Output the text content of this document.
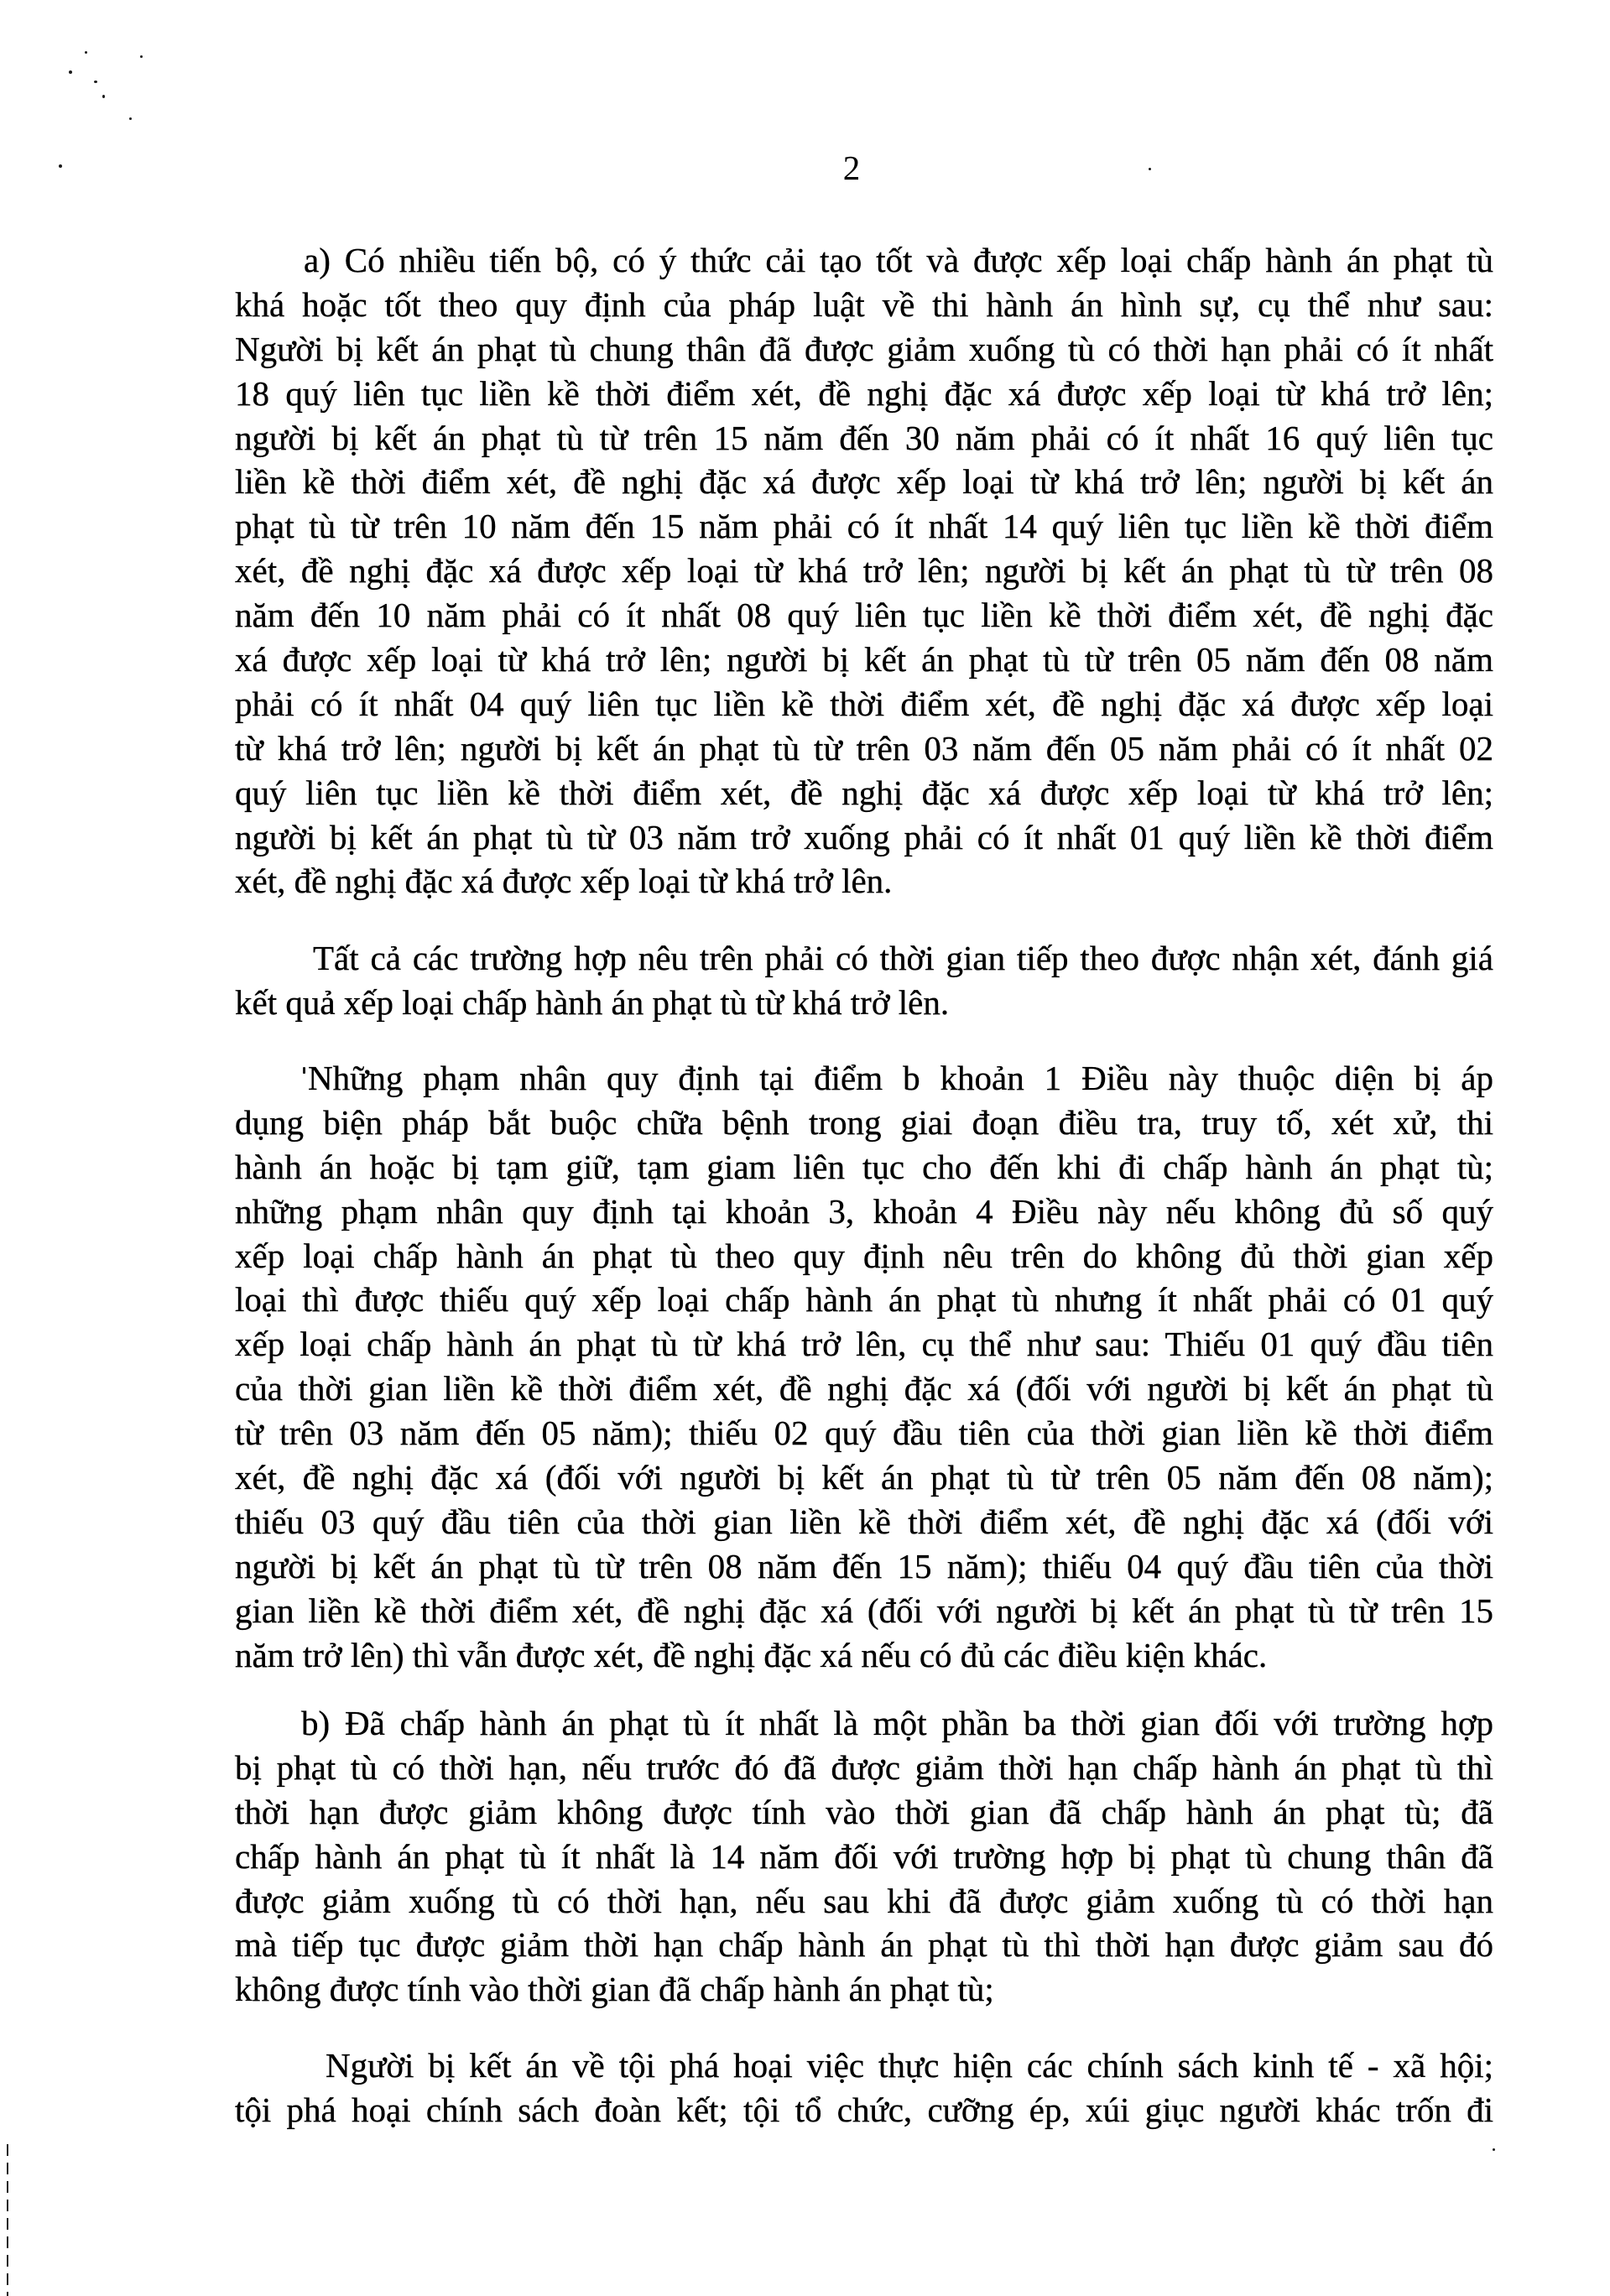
2
a) Có nhiều tiến bộ, có ý thức cải tạo tốt và được xếp loại chấp hành án phạt tù
khá hoặc tốt theo quy định của pháp luật về thi hành án hình sự, cụ thể như sau:
Người bị kết án phạt tù chung thân đã được giảm xuống tù có thời hạn phải có ít nhất
18 quý liên tục liền kề thời điểm xét, đề nghị đặc xá được xếp loại từ khá trở lên;
người bị kết án phạt tù từ trên 15 năm đến 30 năm phải có ít nhất 16 quý liên tục
liền kề thời điểm xét, đề nghị đặc xá được xếp loại từ khá trở lên; người bị kết án
phạt tù từ trên 10 năm đến 15 năm phải có ít nhất 14 quý liên tục liền kề thời điểm
xét, đề nghị đặc xá được xếp loại từ khá trở lên; người bị kết án phạt tù từ trên 08
năm đến 10 năm phải có ít nhất 08 quý liên tục liền kề thời điểm xét, đề nghị đặc
xá được xếp loại từ khá trở lên; người bị kết án phạt tù từ trên 05 năm đến 08 năm
phải có ít nhất 04 quý liên tục liền kề thời điểm xét, đề nghị đặc xá được xếp loại
từ khá trở lên; người bị kết án phạt tù từ trên 03 năm đến 05 năm phải có ít nhất 02
quý liên tục liền kề thời điểm xét, đề nghị đặc xá được xếp loại từ khá trở lên;
người bị kết án phạt tù từ 03 năm trở xuống phải có ít nhất 01 quý liền kề thời điểm
xét, đề nghị đặc xá được xếp loại từ khá trở lên.
Tất cả các trường hợp nêu trên phải có thời gian tiếp theo được nhận xét, đánh giá
kết quả xếp loại chấp hành án phạt tù từ khá trở lên.
Những phạm nhân quy định tại điểm b khoản 1 Điều này thuộc diện bị áp
dụng biện pháp bắt buộc chữa bệnh trong giai đoạn điều tra, truy tố, xét xử, thi
hành án hoặc bị tạm giữ, tạm giam liên tục cho đến khi đi chấp hành án phạt tù;
những phạm nhân quy định tại khoản 3, khoản 4 Điều này nếu không đủ số quý
xếp loại chấp hành án phạt tù theo quy định nêu trên do không đủ thời gian xếp
loại thì được thiếu quý xếp loại chấp hành án phạt tù nhưng ít nhất phải có 01 quý
xếp loại chấp hành án phạt tù từ khá trở lên, cụ thể như sau: Thiếu 01 quý đầu tiên
của thời gian liền kề thời điểm xét, đề nghị đặc xá (đối với người bị kết án phạt tù
từ trên 03 năm đến 05 năm); thiếu 02 quý đầu tiên của thời gian liền kề thời điểm
xét, đề nghị đặc xá (đối với người bị kết án phạt tù từ trên 05 năm đến 08 năm);
thiếu 03 quý đầu tiên của thời gian liền kề thời điểm xét, đề nghị đặc xá (đối với
người bị kết án phạt tù từ trên 08 năm đến 15 năm); thiếu 04 quý đầu tiên của thời
gian liền kề thời điểm xét, đề nghị đặc xá (đối với người bị kết án phạt tù từ trên 15
năm trở lên) thì vẫn được xét, đề nghị đặc xá nếu có đủ các điều kiện khác.
b) Đã chấp hành án phạt tù ít nhất là một phần ba thời gian đối với trường hợp
bị phạt tù có thời hạn, nếu trước đó đã được giảm thời hạn chấp hành án phạt tù thì
thời hạn được giảm không được tính vào thời gian đã chấp hành án phạt tù; đã
chấp hành án phạt tù ít nhất là 14 năm đối với trường hợp bị phạt tù chung thân đã
được giảm xuống tù có thời hạn, nếu sau khi đã được giảm xuống tù có thời hạn
mà tiếp tục được giảm thời hạn chấp hành án phạt tù thì thời hạn được giảm sau đó
không được tính vào thời gian đã chấp hành án phạt tù;
Người bị kết án về tội phá hoại việc thực hiện các chính sách kinh tế - xã hội;
tội phá hoại chính sách đoàn kết; tội tổ chức, cưỡng ép, xúi giục người khác trốn đi
